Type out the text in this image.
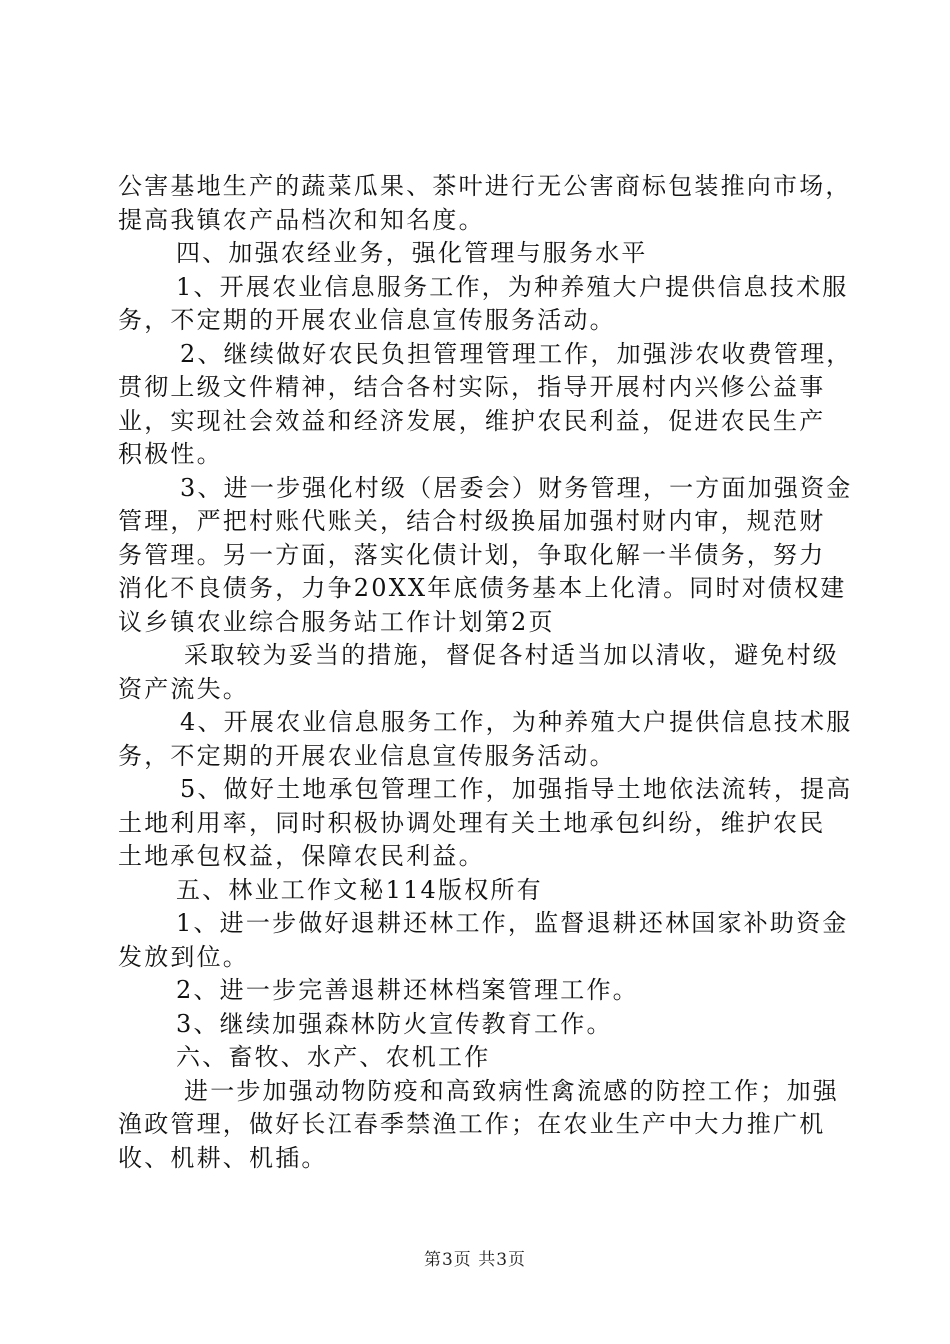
公害基地生产的蔬菜瓜果、茶叶进行无公害商标包装推向市场，
提高我镇农产品档次和知名度。
四、加强农经业务，强化管理与服务水平
1、开展农业信息服务工作，为种养殖大户提供信息技术服
务，不定期的开展农业信息宣传服务活动。
2、继续做好农民负担管理管理工作，加强涉农收费管理，
贯彻上级文件精神，结合各村实际，指导开展村内兴修公益事
业，实现社会效益和经济发展，维护农民利益，促进农民生产
积极性。
3、进一步强化村级（居委会）财务管理，一方面加强资金
管理，严把村账代账关，结合村级换届加强村财内审，规范财
务管理。另一方面，落实化债计划，争取化解一半债务，努力
消化不良债务，力争20XX年底债务基本上化清。同时对债权建
议乡镇农业综合服务站工作计划第2页
采取较为妥当的措施，督促各村适当加以清收，避免村级
资产流失。
4、开展农业信息服务工作，为种养殖大户提供信息技术服
务，不定期的开展农业信息宣传服务活动。
5、做好土地承包管理工作，加强指导土地依法流转，提高
土地利用率，同时积极协调处理有关土地承包纠纷，维护农民
土地承包权益，保障农民利益。
五、林业工作文秘114版权所有
1、进一步做好退耕还林工作，监督退耕还林国家补助资金
发放到位。
2、进一步完善退耕还林档案管理工作。
3、继续加强森林防火宣传教育工作。
六、畜牧、水产、农机工作
进一步加强动物防疫和高致病性禽流感的防控工作；加强
渔政管理，做好长江春季禁渔工作；在农业生产中大力推广机
收、机耕、机插。
第3页 共3页
